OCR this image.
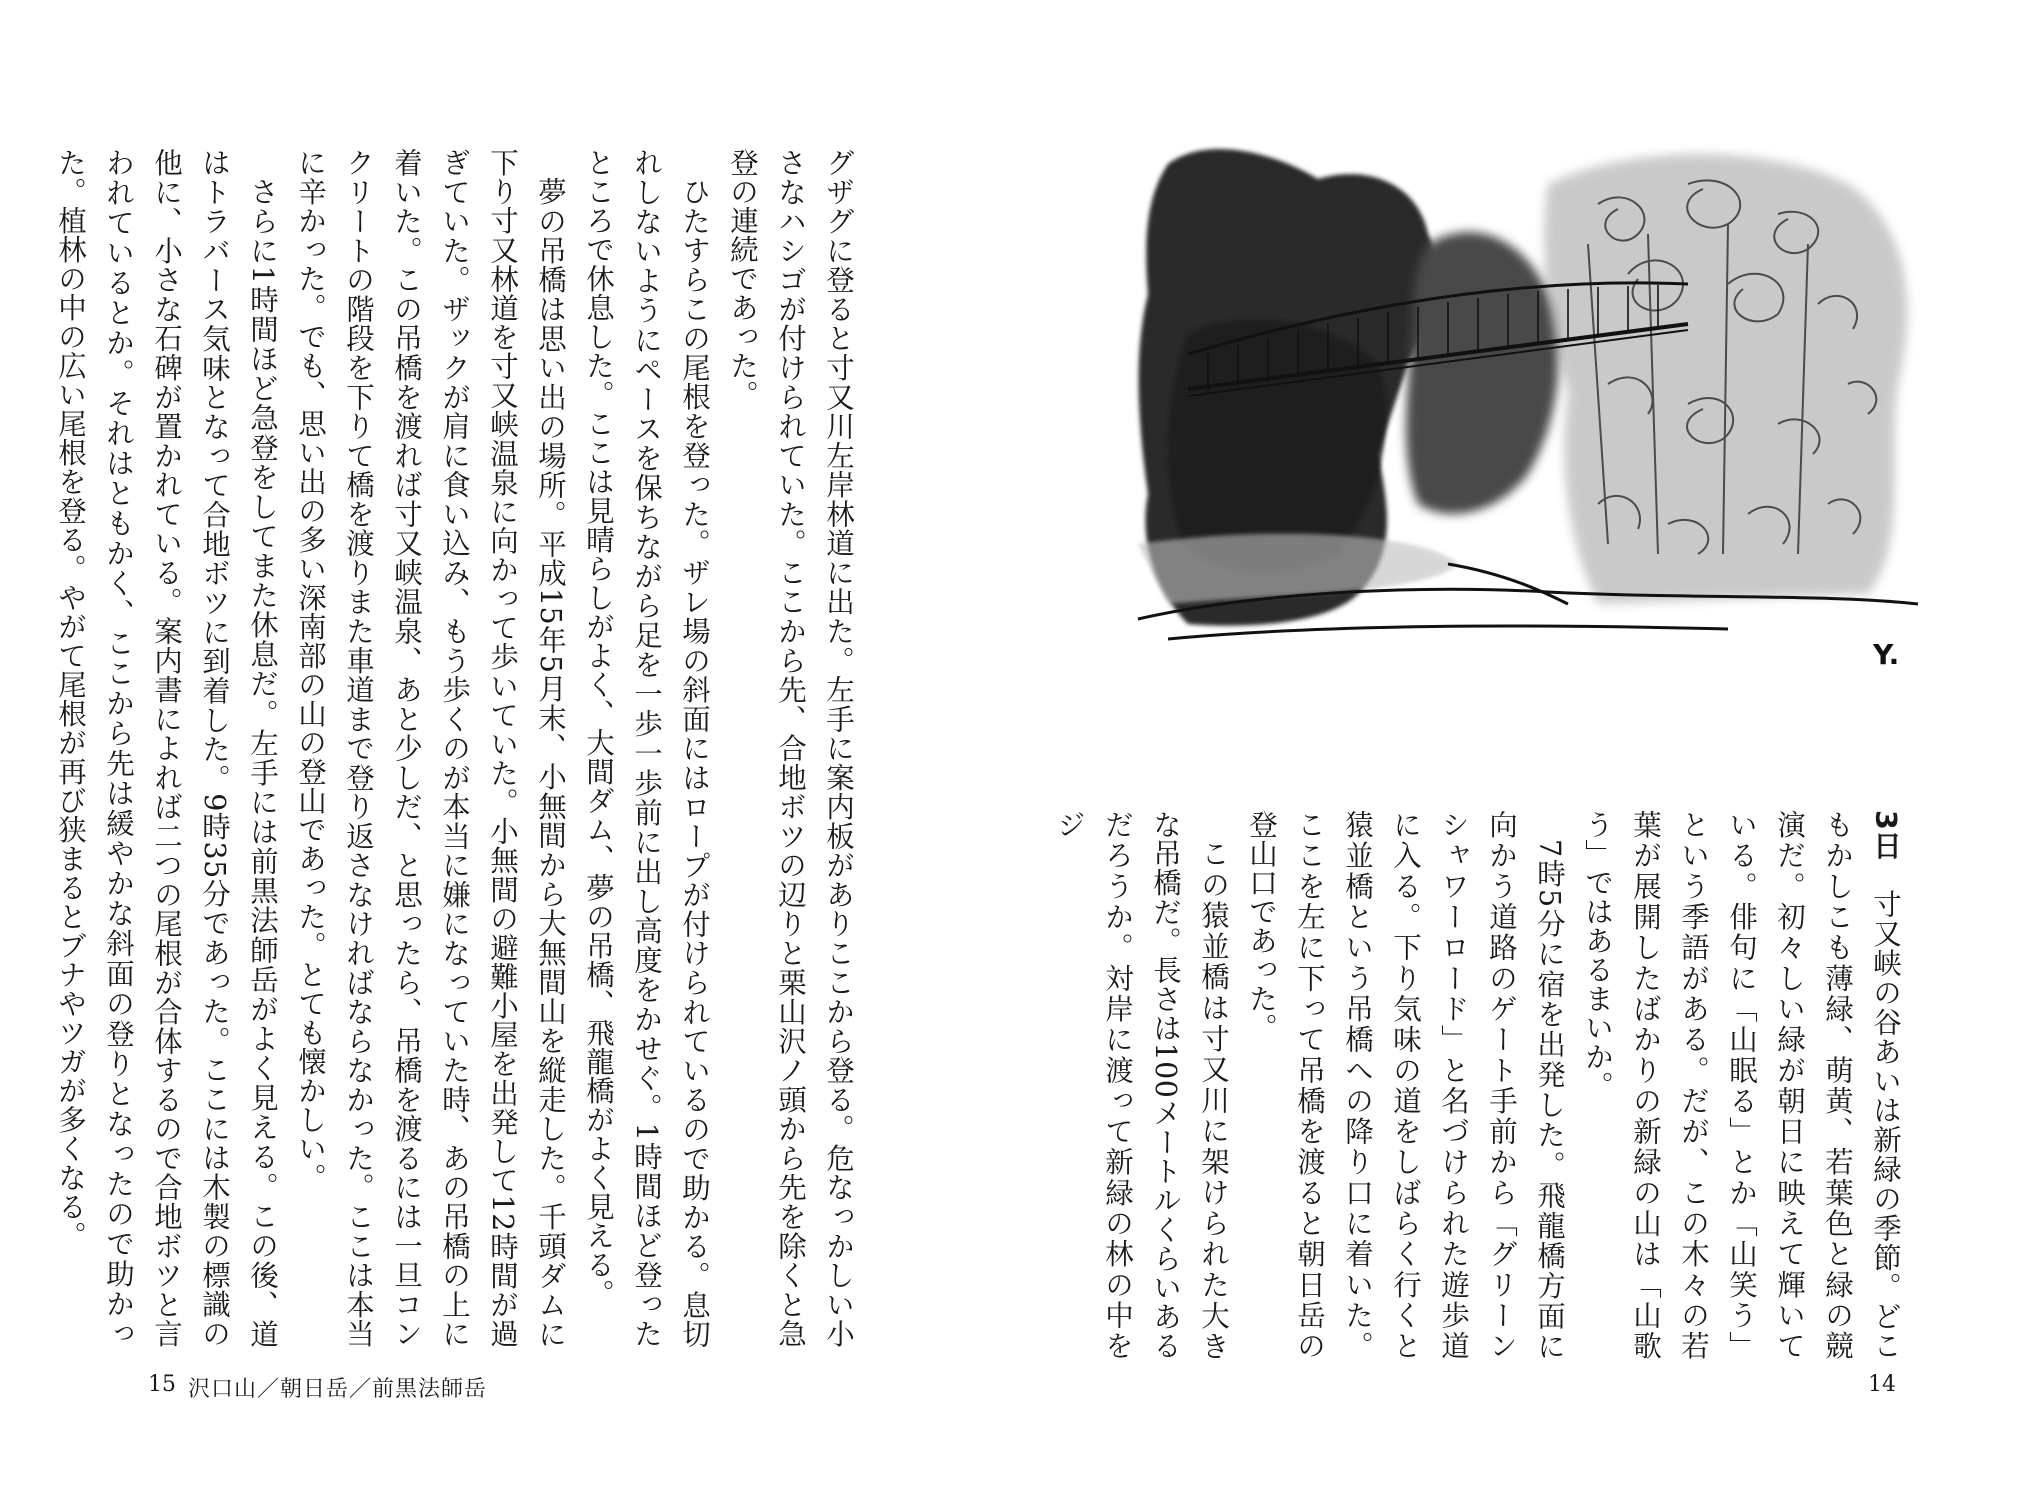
グザグに登ると寸又川左岸林道に出た。左手に案内板がありここから登る。危なっかしい小さなハシゴが付けられていた。ここから先、合地ボツの辺りと栗山沢ノ頭から先を除くと急登の連続であった。

ひたすらこの尾根を登った。ザレ場の斜面にはロープが付けられているので助かる。息切れしないようにペースを保ちながら足を一歩一歩前に出し高度をかせぐ。1時間ほど登ったところで休息した。ここは見晴らしがよく、大間ダム、夢の吊橋、飛龍橋がよく見える。

夢の吊橋は思い出の場所。平成15年5月末、小無間から大無間山を縦走した。千頭ダムに下り寸又林道を寸又峡温泉に向かって歩いていた。小無間の避難小屋を出発して12時間が過ぎていた。ザックが肩に食い込み、もう歩くのが本当に嫌になっていた時、あの吊橋の上に着いた。この吊橋を渡れば寸又峡温泉、あと少しだ、と思ったら、吊橋を渡るには一旦コンクリートの階段を下りて橋を渡りまた車道まで登り返さなければならなかった。ここは本当に辛かった。でも、思い出の多い深南部の山の登山であった。とても懐かしい。

さらに1時間ほど急登をしてまた休息だ。左手には前黒法師岳がよく見える。この後、道はトラバース気味となって合地ボツに到着した。9時35分であった。ここには木製の標識の他に、小さな石碑が置かれている。案内書によれば二つの尾根が合体するので合地ボツと言われているとか。それはともかく、ここから先は緩やかな斜面の登りとなったので助かった。植林の中の広い尾根を登る。やがて尾根が再び狭まるとブナやツガが多くなる。

15 沢口山／朝日岳／前黒法師岳
Y.

3日　寸又峡の谷あいは新緑の季節。どこもかしこも薄緑、萌黄、若葉色と緑の競演だ。初々しい緑が朝日に映えて輝いている。俳句に「山眠る」とか「山笑う」という季語がある。だが、この木々の若葉が展開したばかりの新緑の山は「山歌う」ではあるまいか。

7時5分に宿を出発した。飛龍橋方面に向かう道路のゲート手前から「グリーンシャワーロード」と名づけられた遊歩道に入る。下り気味の道をしばらく行くと猿並橋という吊橋への降り口に着いた。ここを左に下って吊橋を渡ると朝日岳の登山口であった。

この猿並橋は寸又川に架けられた大きな吊橋だ。長さは100メートルくらいあるだろうか。対岸に渡って新緑の林の中をジ

14
